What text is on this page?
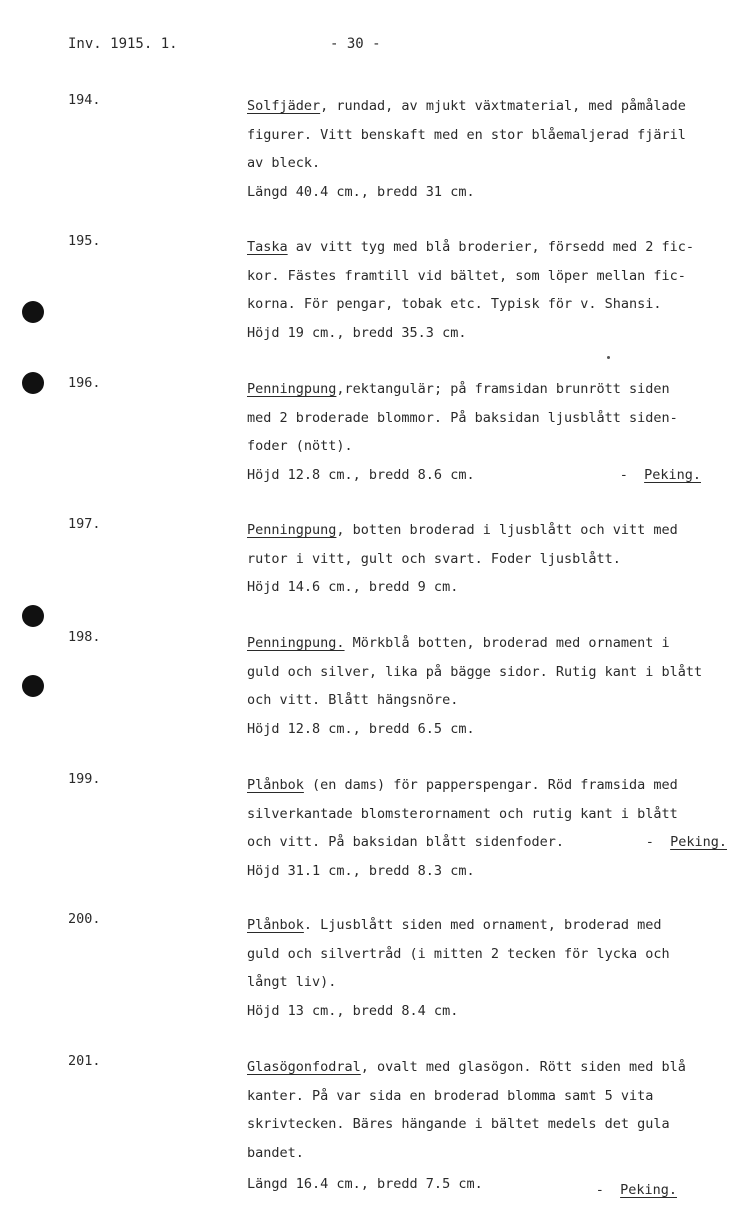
Inv. 1915. 1.	- 30 -
194.	Solfjäder, rundad, av mjukt växtmaterial, med påmålade
figurer. Vitt benskaft med en stor blåemaljerad fjäril
av bleck.
Längd 40.4 cm., bredd 31 cm.
195.	Taska av vitt tyg med blå broderier, försedd med 2 fic-
kor. Fästes framtill vid bältet, som löper mellan fic-
korna. För pengar, tobak etc. Typisk för v. Shansi.
Höjd 19 cm., bredd 35.3 cm.
196.	Penningpung,rektangulär; på framsidan brunrött siden
med 2 broderade blommor. På baksidan ljusblått siden-
foder (nött).
Höjd 12.8 cm., bredd 8.6 cm.	- Peking.
197.	Penningpung, botten broderad i ljusblått och vitt med
rutor i vitt, gult och svart. Foder ljusblått.
Höjd 14.6 cm., bredd 9 cm.
198.	Penningpung. Mörkblå botten, broderad med ornament i
guld och silver, lika på bägge sidor. Rutig kant i blått
och vitt. Blått hängsnöre.
Höjd 12.8 cm., bredd 6.5 cm.
199.	Plånbok (en dams) för papperspengar. Röd framsida med
silverkantade blomsterornament och rutig kant i blått
och vitt. På baksidan blått sidenfoder.	- Peking.
Höjd 31.1 cm., bredd 8.3 cm.
200.	Plånbok. Ljusblått siden med ornament, broderad med
guld och silvertråd (i mitten 2 tecken för lycka och
långt liv).
Höjd 13 cm., bredd 8.4 cm.
201.	Glasögonfodral, ovalt med glasögon. Rött siden med blå
kanter. På var sida en broderad blomma samt 5 vita
skrivtecken. Bäres hängande i bältet medels det gula
bandet.
Längd 16.4 cm., bredd 7.5 cm.	- Peking.
